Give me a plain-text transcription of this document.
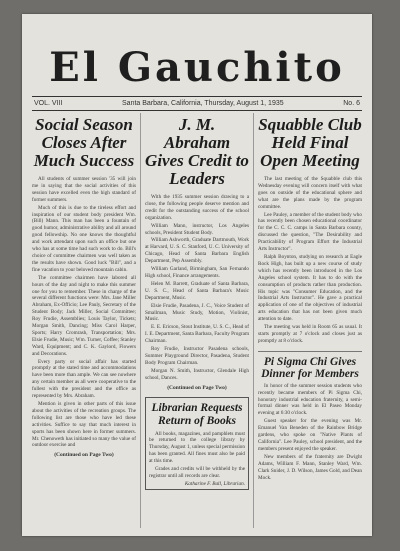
El Gauchito
VOL. VIII	Santa Barbara, California, Thursday, August 1, 1935	No. 6
Social Season Closes After Much Success

All students of summer session '35 will join me in saying that the social activities of this session have excelled even the high standard of former summers.

Much of this is due to the tireless effort and inspiration of our student body president Wm. (Bill) Mann. This man has been a fountain of good humor, administrative ability and all around good fellowship. No one knows the thoughtful and work attendant upon such an office but one who has at some time had such work to do. Bill's choice of committee chairmen was well taken as the results have shown. Good luck "Bill", and a fine vacation to your beloved mountain cabin.

The committee chairmen have labored all hours of the day and night to make this summer one for you to remember. These in charge of the several different functions were: Mrs. Jane Miller Abraham, Ex-Officio; Lee Pauly, Secretary of the Student Body; Jack Miller, Social Committee; Roy Frudie, Assemblies; Louis Taylor, Tickets; Morgan Smith, Dancing; Miss Carol Harper, Sports; Harry Cromrash, Transportation; Mrs. Elsie Frudie, Music; Wm. Turner, Coffee; Stanley Ward, Equipment; and C. K. Gaylord, Flowers and Decorations.

Every party or social affair has started promptly at the stated time and accommodations have been more than ample. We can see nowhere any certain member as all were cooperative to the fullest with the president and the office as represented by Mrs. Abraham.

Mention is given in other parts of this issue about the activities of the recreation groups. The following list are those who have led these activities. Suffice to say that much interest in sports has been shown here in former summers. Mr. Chenoweth has initiated so many the value of outdoor exercise and

(Continued on Page Two)
J. M. Abraham Gives Credit to Leaders

With the 1935 summer session drawing to a close, the following people deserve mention and credit for the outstanding success of the school organization.

William Mann, instructor, Los Angeles schools, President Student Body.

William Ashworth, Graduate Dartmouth, Work at Harvard, U. S. C. Stanford, U. C. University of Chicago, Head of Santa Barbara English Department, Pep Assembly.

William Garland, Birmingham, San Fernando High school, Finance arrangements.

Helen M. Barrett, Graduate of Santa Barbara, U. S. C., Head of Santa Barbara's Music Department, Music.

Elsie Frudie, Pasadena, J. C., Voice Student of Smallman, Music Study, Motion, Violinist, Music.

E. E. Ericson, Stout Institute, U. S. C., Head of I. E. Department, Santa Barbara, Faculty Program Chairman.

Roy Frudie, Instructor Pasadena schools, Summer Playground Director, Pasadena, Student Body Program Chairman.

Morgan N. Smith, Instructor, Glendale High school, Dances.

(Continued on Page Two)
Librarian Requests Return of Books

All books, magazines, and pamphlets must be returned to the college library by Thursday, August 1, unless special permission has been granted. All fines must also be paid at this time.

Grades and credits will be withheld by the registrar until all records are clear.

Katharine F. Ball, Librarian.
Squabble Club Held Final Open Meeting

The last meeting of the Squabble club this Wednesday evening will concern itself with what goes on outside of the educational sphere and what are the plans made by the program committee.

Lee Pauley, a member of the student body who has recently been chosen educational coordinator for the C. C. C. camps in Santa Barbara county, discussed the question, "The Desirability and Practicability of Program Effort the Industrial Arts Instructor".

Ralph Boynton, studying on research at Eagle Rock High, has built up a new course of study which has recently been introduced in the Los Angeles school system. It has to do with the consumption of products rather than production. His topic was "Consumer Education, and the Industrial Arts Instructor". He gave a practical application of one of the objectives of industrial arts education that has not been given much attention to date.

The meeting was held in Room 65 as usual. It starts promptly at 7 o'clock and closes just as promptly at 8 o'clock.

Pi Sigma Chi Gives Dinner for Members

In honor of the summer session students who recently became members of Pi Sigma Chi, honorary industrial education fraternity, a semi-formal dinner was held in El Paseo Monday evening at 6:30 o'clock.

Guest speaker for the evening was Mr. Emanuel Van Beneden of the Rainbow Bridge gardens, who spoke on "Native Plants of California". Lee Pauley, school president, and the members present enjoyed the speaker.

New members of the fraternity are Dwight Adams, William F. Mann, Stanley Ward, Wm. Clark Snider, J. D. Wilson, James Gold, and Dean Mock.
